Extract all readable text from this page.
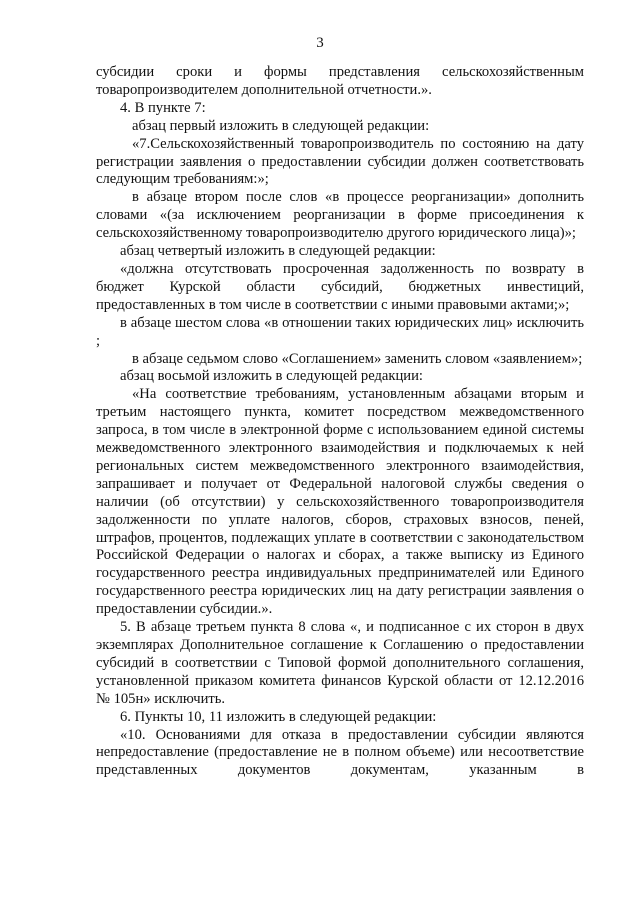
3

субсидии сроки и формы представления сельскохозяйственным товаропроизводителем дополнительной отчетности.».

4. В пункте 7:

абзац первый изложить в следующей редакции:

«7.Сельскохозяйственный товаропроизводитель по состоянию на дату регистрации заявления о предоставлении субсидии должен соответствовать следующим требованиям:»;

в абзаце втором после слов «в процессе реорганизации» дополнить словами «(за исключением реорганизации в форме присоединения к сельскохозяйственному товаропроизводителю другого юридического лица)»;

абзац четвертый изложить в следующей редакции:

«должна отсутствовать просроченная задолженность по возврату в бюджет Курской области субсидий, бюджетных инвестиций, предоставленных в том числе в соответствии с иными правовыми актами;»;

в абзаце шестом слова «в отношении таких юридических лиц» исключить ;

в абзаце седьмом слово «Соглашением» заменить словом «заявлением»;

абзац восьмой изложить в следующей редакции:

«На соответствие требованиям, установленным абзацами вторым и третьим настоящего пункта, комитет посредством межведомственного запроса, в том числе в электронной форме с использованием единой системы межведомственного электронного взаимодействия и подключаемых к ней региональных систем межведомственного электронного взаимодействия, запрашивает и получает от Федеральной налоговой службы сведения о наличии (об отсутствии) у сельскохозяйственного товаропроизводителя задолженности по уплате налогов, сборов, страховых взносов, пеней, штрафов, процентов, подлежащих уплате в соответствии с законодательством Российской Федерации о налогах и сборах, а также выписку из Единого государственного реестра индивидуальных предпринимателей или Единого государственного реестра юридических лиц на дату регистрации заявления о предоставлении субсидии.».

5. В абзаце третьем пункта 8 слова «, и подписанное с их сторон в двух экземплярах Дополнительное соглашение к Соглашению о предоставлении субсидий в соответствии с Типовой формой дополнительного соглашения, установленной приказом комитета финансов Курской области от 12.12.2016 № 105н» исключить.

6. Пункты 10, 11 изложить в следующей редакции:

«10. Основаниями для отказа в предоставлении субсидии являются непредоставление (предоставление не в полном объеме) или несоответствие представленных документов документам, указанным в
